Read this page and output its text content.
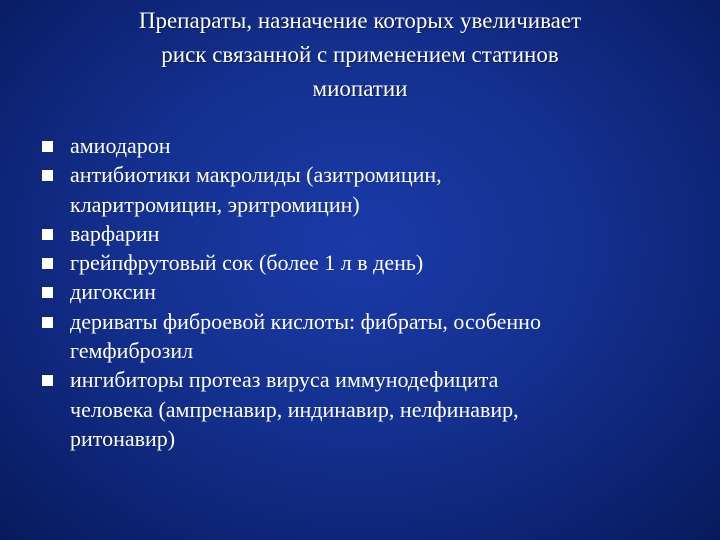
Препараты, назначение которых увеличивает
риск связанной с применением статинов
миопатии
амиодарон
антибиотики макролиды (азитромицин,
кларитромицин, эритромицин)
варфарин
грейпфрутовый сок (более 1 л в день)
дигоксин
дериваты фиброевой кислоты: фибраты, особенно
гемфиброзил
ингибиторы протеаз вируса иммунодефицита
человека (ампренавир, индинавир, нелфинавир,
ритонавир)
